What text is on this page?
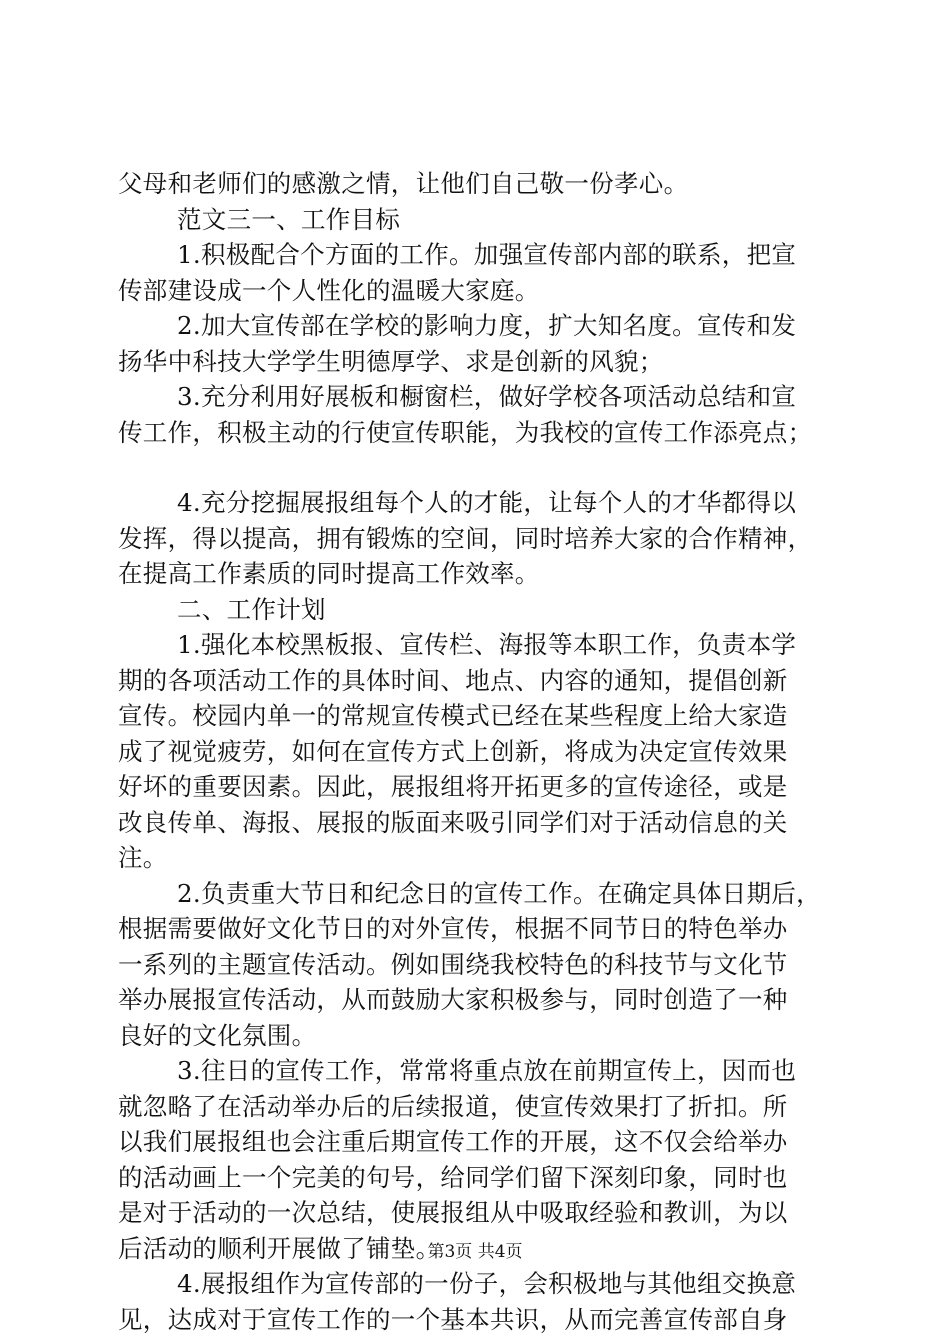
父母和老师们的感激之情，让他们自己敬一份孝心。
范文三一、工作目标
1.积极配合个方面的工作。加强宣传部内部的联系，把宣
传部建设成一个人性化的温暖大家庭。
2.加大宣传部在学校的影响力度，扩大知名度。宣传和发
扬华中科技大学学生明德厚学、求是创新的风貌；
3.充分利用好展板和橱窗栏，做好学校各项活动总结和宣
传工作，积极主动的行使宣传职能，为我校的宣传工作添亮点；
4.充分挖掘展报组每个人的才能，让每个人的才华都得以
发挥，得以提高，拥有锻炼的空间，同时培养大家的合作精神，
在提高工作素质的同时提高工作效率。
二、工作计划
1.强化本校黑板报、宣传栏、海报等本职工作，负责本学
期的各项活动工作的具体时间、地点、内容的通知，提倡创新
宣传。校园内单一的常规宣传模式已经在某些程度上给大家造
成了视觉疲劳，如何在宣传方式上创新，将成为决定宣传效果
好坏的重要因素。因此，展报组将开拓更多的宣传途径，或是
改良传单、海报、展报的版面来吸引同学们对于活动信息的关
注。
2.负责重大节日和纪念日的宣传工作。在确定具体日期后，
根据需要做好文化节日的对外宣传，根据不同节日的特色举办
一系列的主题宣传活动。例如围绕我校特色的科技节与文化节
举办展报宣传活动，从而鼓励大家积极参与，同时创造了一种
良好的文化氛围。
3.往日的宣传工作，常常将重点放在前期宣传上，因而也
就忽略了在活动举办后的后续报道，使宣传效果打了折扣。所
以我们展报组也会注重后期宣传工作的开展，这不仅会给举办
的活动画上一个完美的句号，给同学们留下深刻印象，同时也
是对于活动的一次总结，使展报组从中吸取经验和教训，为以
后活动的顺利开展做了铺垫。
4.展报组作为宣传部的一份子，会积极地与其他组交换意
见，达成对于宣传工作的一个基本共识，从而完善宣传部自身
第3页 共4页
